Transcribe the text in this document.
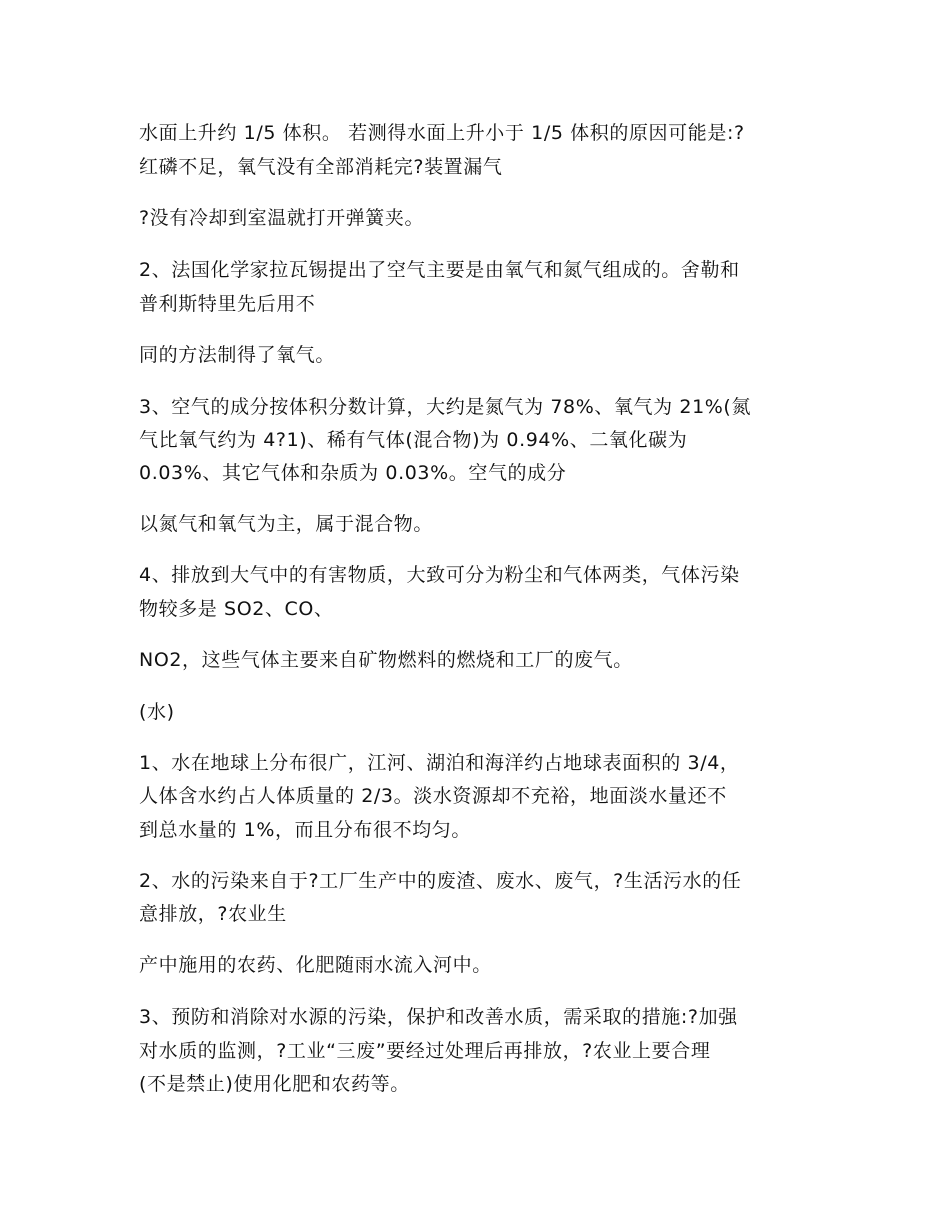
水面上升约 1/5 体积。 若测得水面上升小于 1/5 体积的原因可能是:?
红磷不足，氧气没有全部消耗完?装置漏气
?没有冷却到室温就打开弹簧夹。
2、法国化学家拉瓦锡提出了空气主要是由氧气和氮气组成的。舍勒和
普利斯特里先后用不
同的方法制得了氧气。
3、空气的成分按体积分数计算，大约是氮气为 78%、氧气为 21%(氮
气比氧气约为 4?1)、稀有气体(混合物)为 0.94%、二氧化碳为
0.03%、其它气体和杂质为 0.03%。空气的成分
以氮气和氧气为主，属于混合物。
4、排放到大气中的有害物质，大致可分为粉尘和气体两类，气体污染
物较多是 SO2、CO、
NO2，这些气体主要来自矿物燃料的燃烧和工厂的废气。
(水)
1、水在地球上分布很广，江河、湖泊和海洋约占地球表面积的 3/4，
人体含水约占人体质量的 2/3。淡水资源却不充裕，地面淡水量还不
到总水量的 1%，而且分布很不均匀。
2、水的污染来自于?工厂生产中的废渣、废水、废气，?生活污水的任
意排放，?农业生
产中施用的农药、化肥随雨水流入河中。
3、预防和消除对水源的污染，保护和改善水质，需采取的措施:?加强
对水质的监测，?工业“三废”要经过处理后再排放，?农业上要合理
(不是禁止)使用化肥和农药等。
